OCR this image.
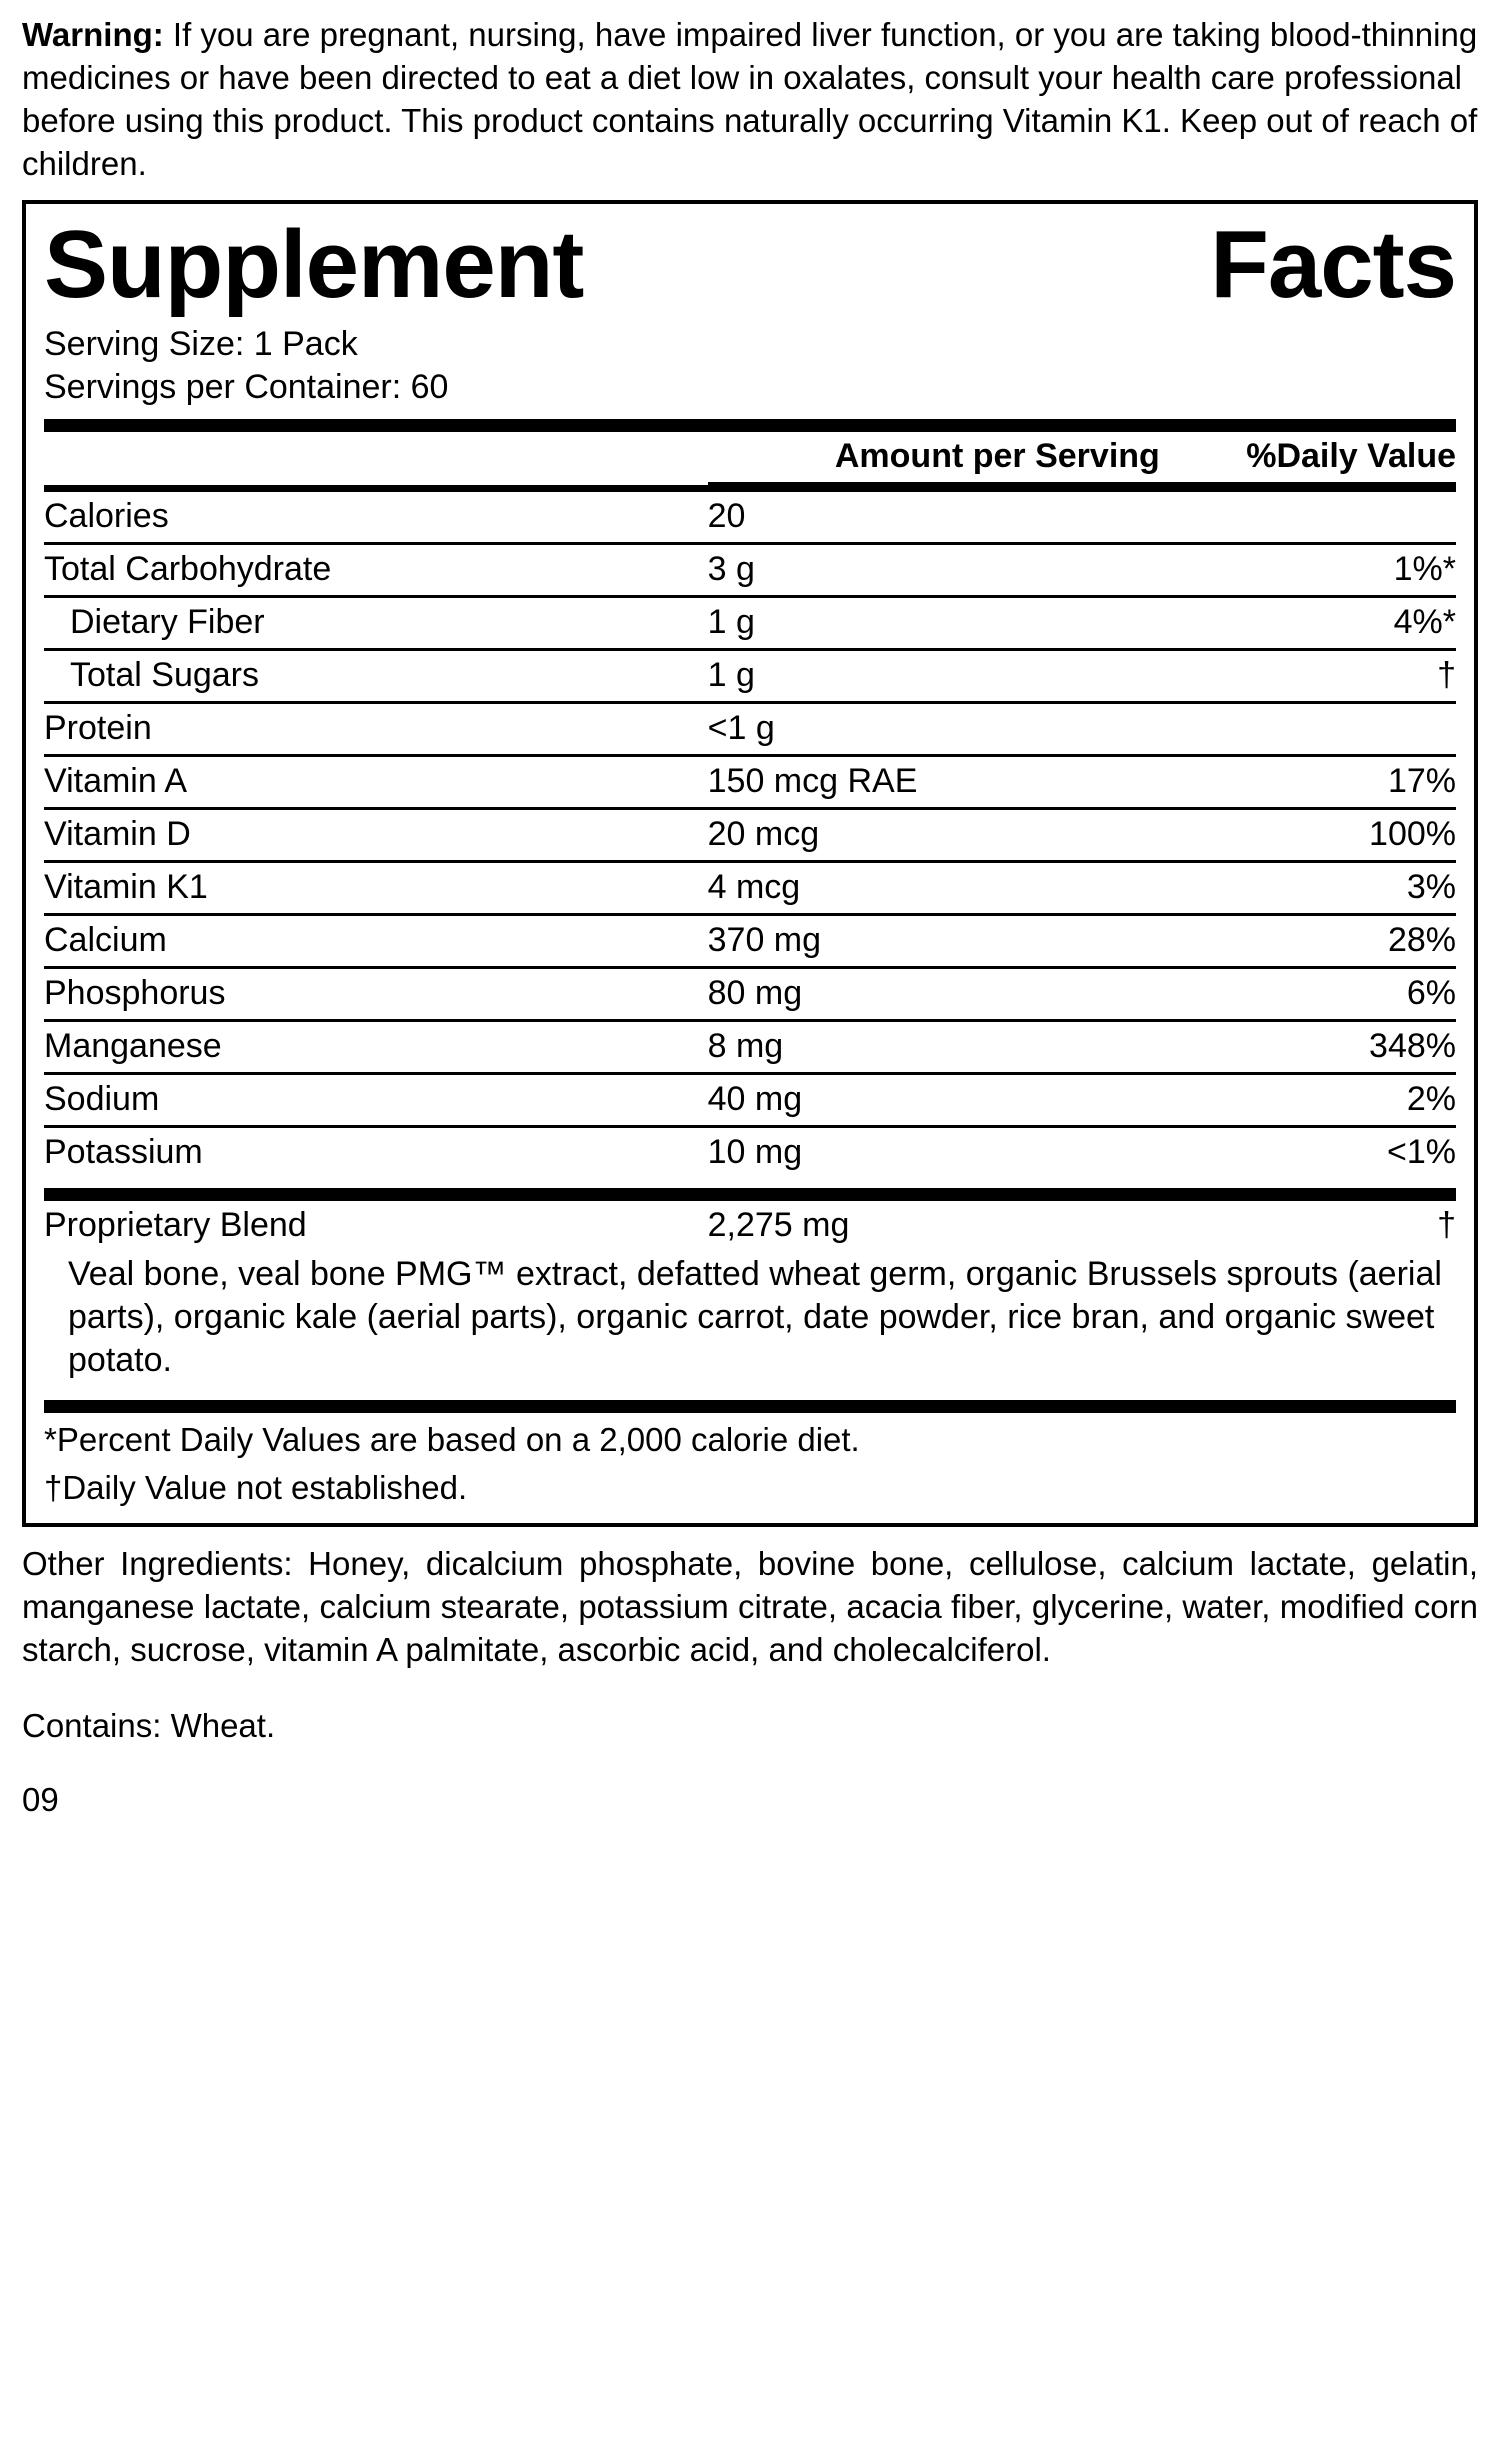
Warning: If you are pregnant, nursing, have impaired liver function, or you are taking blood-thinning medicines or have been directed to eat a diet low in oxalates, consult your health care professional before using this product. This product contains naturally occurring Vitamin K1. Keep out of reach of children.

Supplement	Facts
Serving Size: 1 Pack
Servings per Container: 60
	Amount per Serving	%Daily Value
Calories	20	
Total Carbohydrate	3 g	1%*
Dietary Fiber	1 g	4%*
Total Sugars	1 g	†
Protein	<1 g	
Vitamin A	150 mcg RAE	17%
Vitamin D	20 mcg	100%
Vitamin K1	4 mcg	3%
Calcium	370 mg	28%
Phosphorus	80 mg	6%
Manganese	8 mg	348%
Sodium	40 mg	2%
Potassium	10 mg	<1%
Proprietary Blend	2,275 mg	†
Veal bone, veal bone PMG™ extract, defatted wheat germ, organic Brussels sprouts (aerial parts), organic kale (aerial parts), organic carrot, date powder, rice bran, and organic sweet potato.
*Percent Daily Values are based on a 2,000 calorie diet.
†Daily Value not established.

Other Ingredients: Honey, dicalcium phosphate, bovine bone, cellulose, calcium lactate, gelatin, manganese lactate, calcium stearate, potassium citrate, acacia fiber, glycerine, water, modified corn starch, sucrose, vitamin A palmitate, ascorbic acid, and cholecalciferol.

Contains: Wheat.

09
